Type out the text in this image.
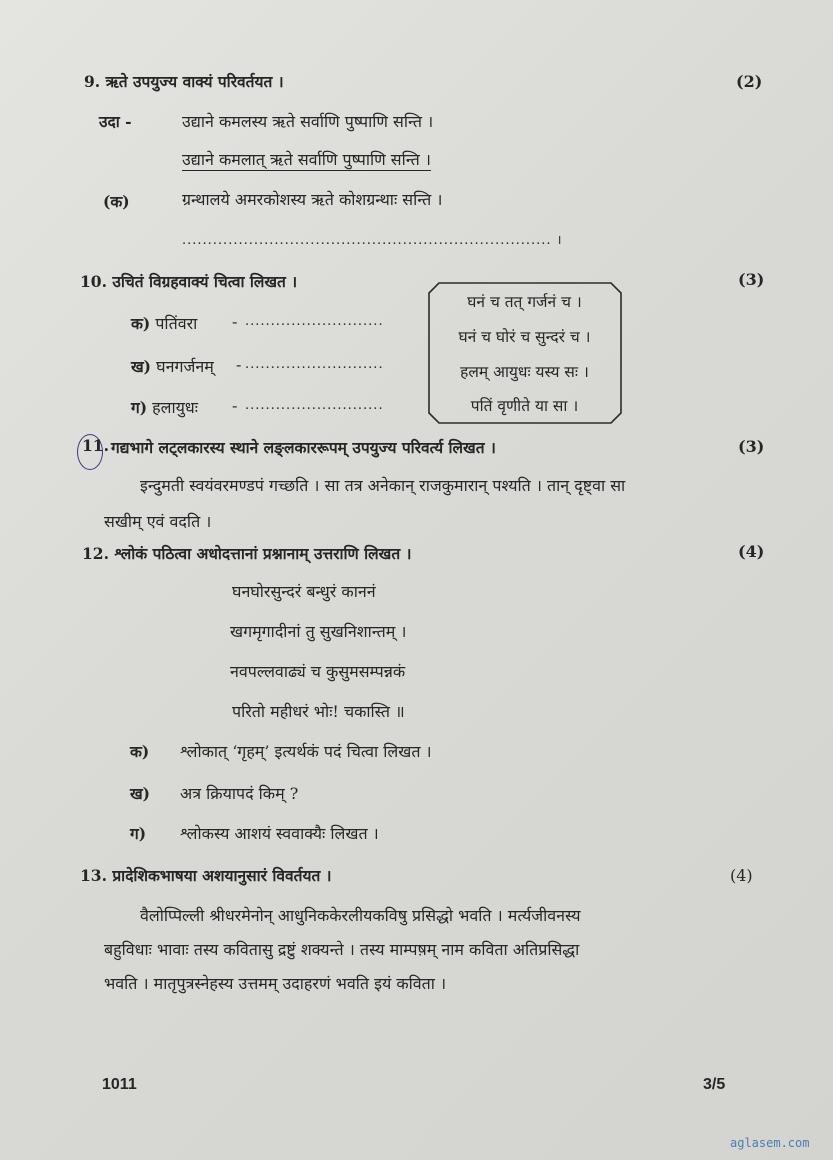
9. ऋते उपयुज्य वाक्यं परिवर्तयत ।	(2)
उदा -	उद्याने कमलस्य ऋते सर्वाणि पुष्पाणि सन्ति ।
उद्याने कमलात् ऋते सर्वाणि पुष्पाणि सन्ति ।
(क)	ग्रन्थालये अमरकोशस्य ऋते कोशग्रन्थाः सन्ति ।
........................................................................ ।
10. उचितं विग्रहवाक्यं चित्वा लिखत ।	(3)
क) पतिंवरा - ...........................
ख) घनगर्जनम् - ...........................
ग) हलायुधः - ...........................
घनं च तत् गर्जनं च ।
घनं च घोरं च सुन्दरं च ।
हलम् आयुधः यस्य सः ।
पतिं वृणीते या सा ।
11. गद्यभागे लट्लकारस्य स्थाने लङ्लकाररूपम् उपयुज्य परिवर्त्य लिखत ।	(3)
इन्दुमती स्वयंवरमण्डपं गच्छति । सा तत्र अनेकान् राजकुमारान् पश्यति । तान् दृष्ट्वा सा
सखीम् एवं वदति ।
12. श्लोकं पठित्वा अधोदत्तानां प्रश्नानाम् उत्तराणि लिखत ।	(4)
घनघोरसुन्दरं बन्धुरं काननं
खगमृगादीनां तु सुखनिशान्तम् ।
नवपल्लवाढ्यं च कुसुमसम्पन्नकं
परितो महीधरं भोः! चकास्ति ॥
क) श्लोकात् ‘गृहम्’ इत्यर्थकं पदं चित्वा लिखत ।
ख) अत्र क्रियापदं किम् ?
ग) श्लोकस्य आशयं स्ववाक्यैः लिखत ।
13. प्रादेशिकभाषया अशयानुसारं विवर्तयत ।	(4)
वैलोप्पिल्ली श्रीधरमेनोन् आधुनिककेरलीयकविषु प्रसिद्धो भवति । मर्त्यजीवनस्य
बहुविधाः भावाः तस्य कवितासु द्रष्टुं शक्यन्ते । तस्य माम्पष़म् नाम कविता अतिप्रसिद्धा
भवति । मातृपुत्रस्नेहस्य उत्तमम् उदाहरणं भवति इयं कविता ।
1011	3/5
aglasem.com
